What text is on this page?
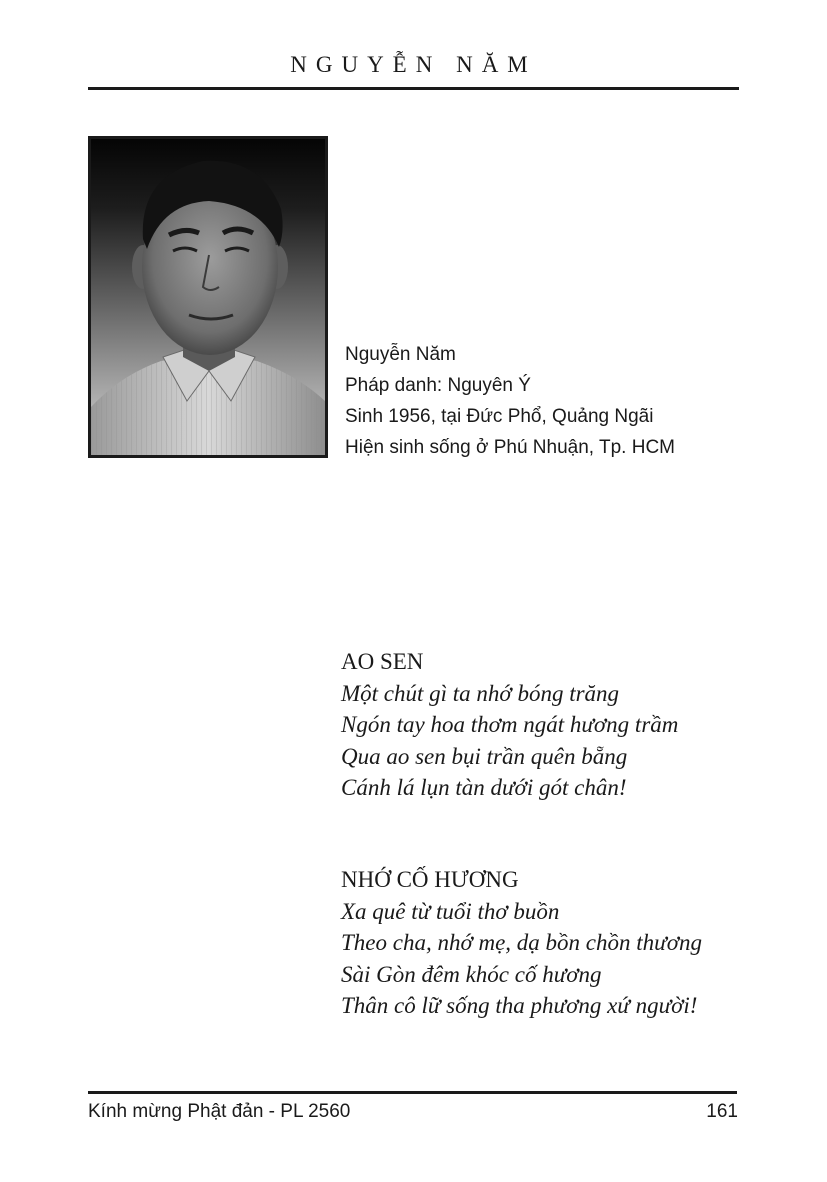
NGUYỄN NĂM
Nguyễn Năm
Pháp danh: Nguyên Ý
Sinh 1956, tại Đức Phổ, Quảng Ngãi
Hiện sinh sống ở Phú Nhuận, Tp. HCM
AO SEN
Một chút gì ta nhớ bóng trăng
Ngón tay hoa thơm ngát hương trầm
Qua ao sen bụi trần quên bẵng
Cánh lá lụn tàn dưới gót chân!
NHỚ CỐ HƯƠNG
Xa quê từ tuổi thơ buồn
Theo cha, nhớ mẹ, dạ bồn chồn thương
Sài Gòn đêm khóc cố hương
Thân cô lữ sống tha phương xứ người!
Kính mừng Phật đản - PL 2560	161
